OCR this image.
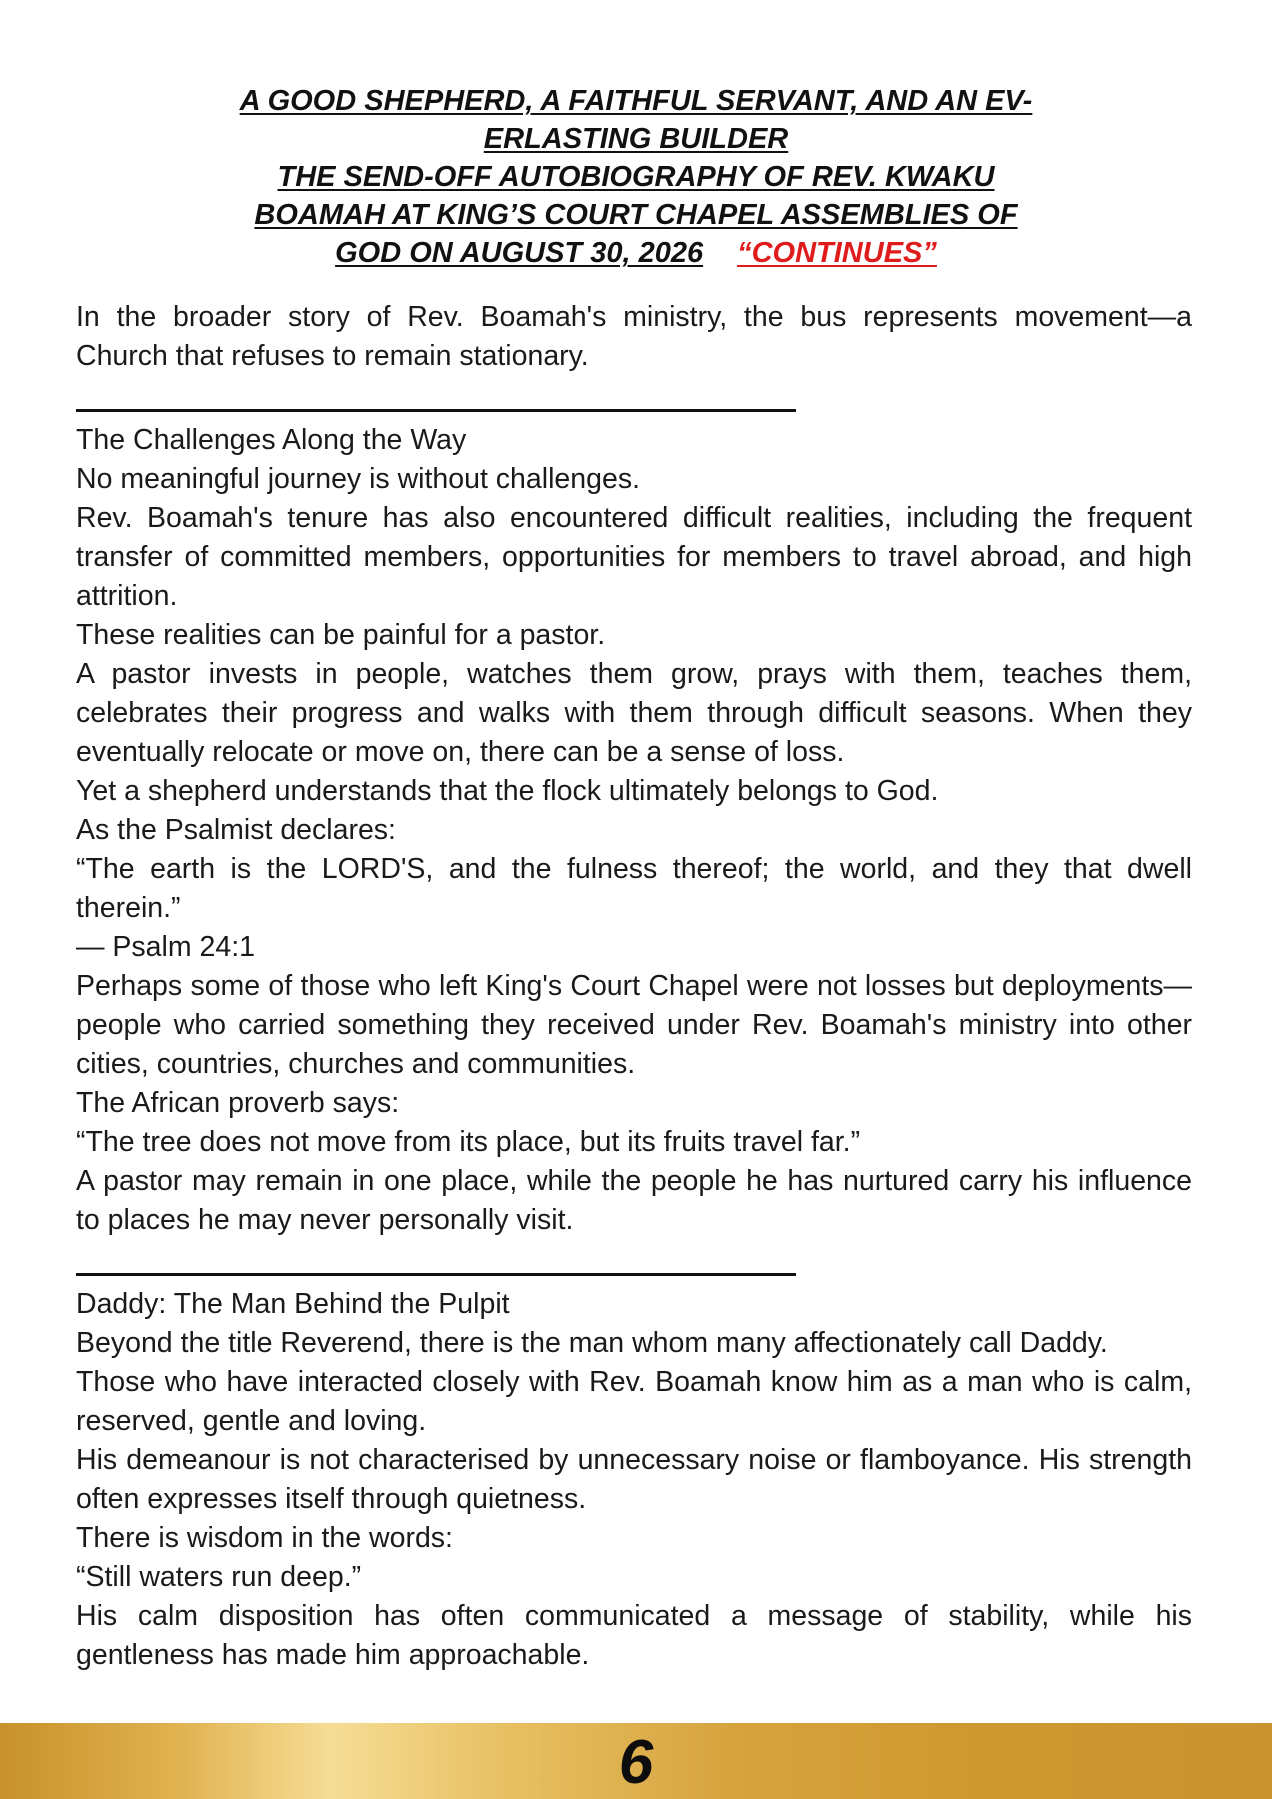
A GOOD SHEPHERD, A FAITHFUL SERVANT, AND AN EV-
ERLASTING BUILDER
THE SEND-OFF AUTOBIOGRAPHY OF REV. KWAKU
BOAMAH AT KING’S COURT CHAPEL ASSEMBLIES OF
GOD ON AUGUST 30, 2026 “CONTINUES”

In the broader story of Rev. Boamah's ministry, the bus represents movement—a Church that refuses to remain stationary.

The Challenges Along the Way

No meaningful journey is without challenges.

Rev. Boamah's tenure has also encountered difficult realities, including the frequent transfer of committed members, opportunities for members to travel abroad, and high attrition.

These realities can be painful for a pastor.

A pastor invests in people, watches them grow, prays with them, teaches them, celebrates their progress and walks with them through difficult seasons. When they eventually relocate or move on, there can be a sense of loss.

Yet a shepherd understands that the flock ultimately belongs to God.

As the Psalmist declares:

“The earth is the LORD'S, and the fulness thereof; the world, and they that dwell therein.”

— Psalm 24:1

Perhaps some of those who left King's Court Chapel were not losses but deployments—people who carried something they received under Rev. Boamah's ministry into other cities, countries, churches and communities.

The African proverb says:

“The tree does not move from its place, but its fruits travel far.”

A pastor may remain in one place, while the people he has nurtured carry his influence to places he may never personally visit.

Daddy: The Man Behind the Pulpit

Beyond the title Reverend, there is the man whom many affectionately call Daddy.

Those who have interacted closely with Rev. Boamah know him as a man who is calm, reserved, gentle and loving.

His demeanour is not characterised by unnecessary noise or flamboyance. His strength often expresses itself through quietness.

There is wisdom in the words:

“Still waters run deep.”

His calm disposition has often communicated a message of stability, while his gentleness has made him approachable.

6
